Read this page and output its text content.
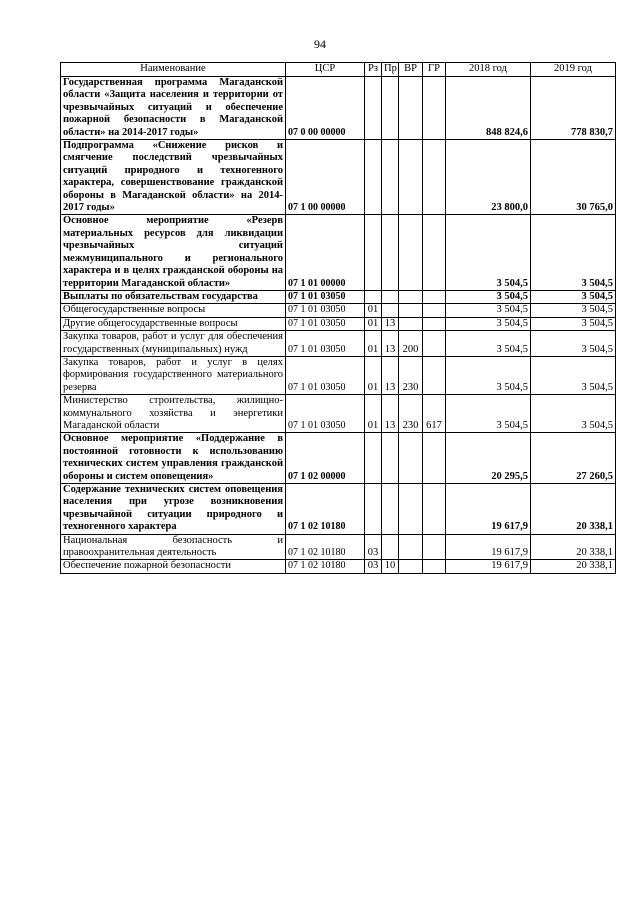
94
Наименование	ЦСР	Рз	Пр	ВР	ГР	2018 год	2019 год
Государственная программа Магаданской области «Защита населения и территории от чрезвычайных ситуаций и обеспечение пожарной безопасности в Магаданской области» на 2014-2017 годы»	07 0 00 00000					848 824,6	778 830,7
Подпрограмма «Снижение рисков и смягчение последствий чрезвычайных ситуаций природного и техногенного характера, совершенствование гражданской обороны в Магаданской области» на 2014-2017 годы»	07 1 00 00000					23 800,0	30 765,0
Основное мероприятие «Резерв материальных ресурсов для ликвидации чрезвычайных ситуаций межмуниципального и регионального характера и в целях гражданской обороны на территории Магаданской области»	07 1 01 00000					3 504,5	3 504,5
Выплаты по обязательствам государства	07 1 01 03050					3 504,5	3 504,5
Общегосударственные вопросы	07 1 01 03050	01				3 504,5	3 504,5
Другие общегосударственные вопросы	07 1 01 03050	01	13			3 504,5	3 504,5
Закупка товаров, работ и услуг для обеспечения государственных (муниципальных) нужд	07 1 01 03050	01	13	200		3 504,5	3 504,5
Закупка товаров, работ и услуг в целях формирования государственного материального резерва	07 1 01 03050	01	13	230		3 504,5	3 504,5
Министерство строительства, жилищно-коммунального хозяйства и энергетики Магаданской области	07 1 01 03050	01	13	230	617	3 504,5	3 504,5
Основное мероприятие «Поддержание в постоянной готовности к использованию технических систем управления гражданской обороны и систем оповещения»	07 1 02 00000					20 295,5	27 260,5
Содержание технических систем оповещения населения при угрозе возникновения чрезвычайной ситуации природного и техногенного характера	07 1 02 10180					19 617,9	20 338,1
Национальная безопасность и правоохранительная деятельность	07 1 02 10180	03				19 617,9	20 338,1
Обеспечение пожарной безопасности	07 1 02 10180	03	10			19 617,9	20 338,1
